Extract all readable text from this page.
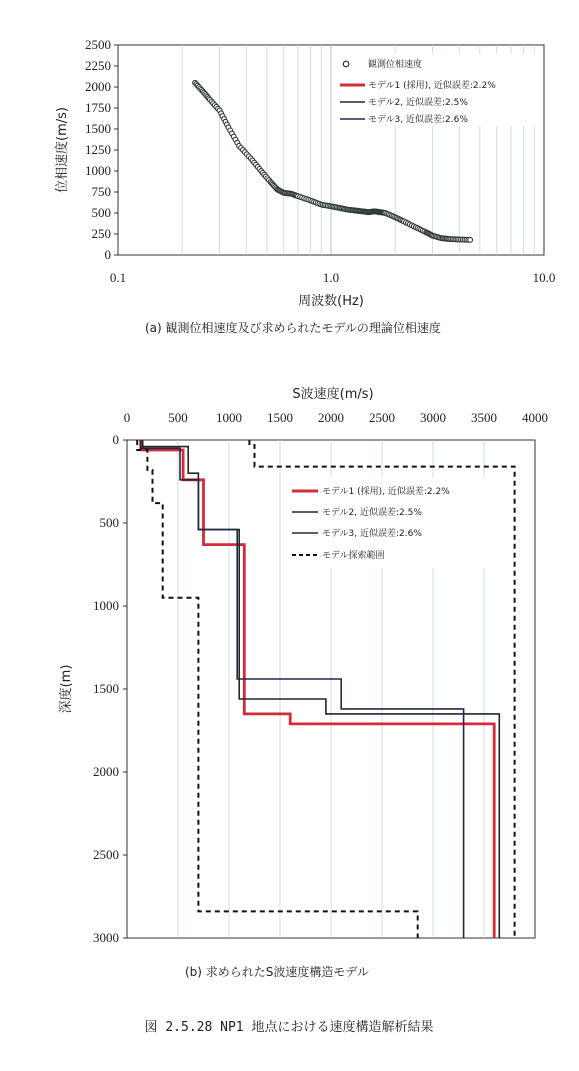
0
250
500
750
1000
1250
1500
1750
2000
2250
2500
0.1	1.0	10.0
位相速度(m/s)
周波数(Hz)
観測位相速度
モデル1 (採用), 近似誤差:2.2%
モデル2, 近似誤差:2.5%
モデル3, 近似誤差:2.6%
(a) 観測位相速度及び求められたモデルの理論位相速度
S波速度(m/s)
0	500 1000 1500 2000 2500 3000 3500 4000
0
500
1000
1500
2000
2500
3000
深度(m)
モデル1 (採用), 近似誤差:2.2%
モデル2, 近似誤差:2.5%
モデル3, 近似誤差:2.6%
モデル探索範囲
(b) 求められたS波速度構造モデル
図 2.5.28 NP1 地点における速度構造解析結果
